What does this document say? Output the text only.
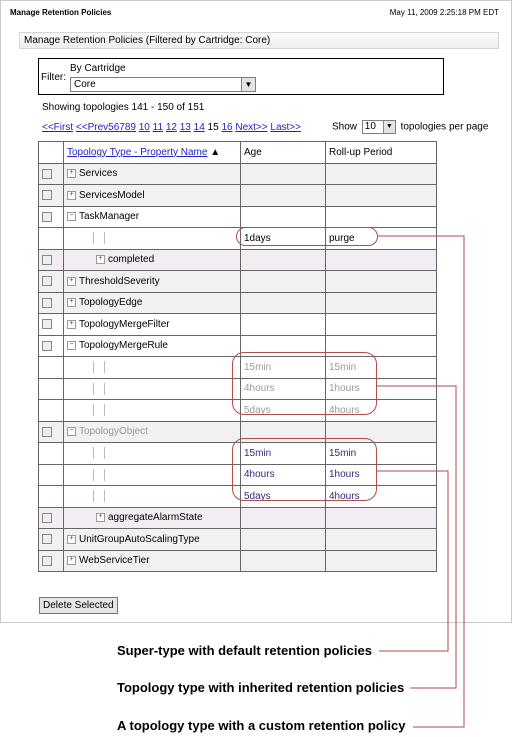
Manage Retention Policies	May 11, 2009 2:25:18 PM EDT
Manage Retention Policies (Filtered by Cartridge: Core)
Filter:
By Cartridge
Core	▼
Showing topologies 141 - 150 of 151
<<First <<Prev56789 10 11 12 13 14 15 16 Next>> Last>>	Show 10	▼ topologies per page
	Topology Type - Property Name ▲	Age	Roll-up Period
	+ Services		
	+ ServicesModel		
	− TaskManager		
		1days	purge
	+ completed		
	+ ThresholdSeverity		
	+ TopologyEdge		
	+ TopologyMergeFilter		
	− TopologyMergeRule		
		15min	15min
		4hours	1hours
		5days	4hours
	− TopologyObject		
		15min	15min
		4hours	1hours
		5days	4hours
	+ aggregateAlarmState		
	+ UnitGroupAutoScalingType		
	+ WebServiceTier		
Delete Selected
Super-type with default retention policies
Topology type with inherited retention policies
A topology type with a custom retention policy
